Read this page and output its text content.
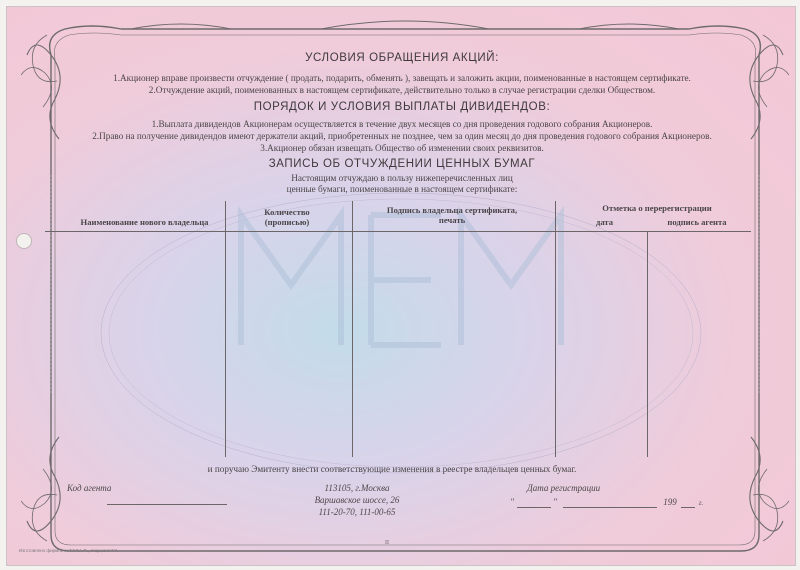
УСЛОВИЯ ОБРАЩЕНИЯ АКЦИЙ:
1.Акционер вправе произвести отчуждение ( продать, подарить, обменять ), завещать и заложить акции, поименованные в настоящем сертификате.
2.Отчуждение акций, поименованных в настоящем сертификате, действительно только в случае регистрации сделки Обществом.
ПОРЯДОК И УСЛОВИЯ ВЫПЛАТЫ ДИВИДЕНДОВ:
1.Выплата дивидендов Акционерам осуществляется в течение двух месяцев со дня проведения годового собрания Акционеров.
2.Право на получение дивидендов имеют держатели акций, приобретенных не позднее, чем за один месяц до дня проведения годового собрания Акционеров.
3.Акционер обязан извещать Общество об изменении своих реквизитов.
ЗАПИСЬ ОБ ОТЧУЖДЕНИИ ЦЕННЫХ БУМАГ
Настоящим отчуждаю в пользу нижеперечисленных лиц
ценные бумаги, поименованные в настоящем сертификате:
Наименование нового владельца
Количество
(прописью)
Подпись владельца сертификата,
печать
Отметка о перерегистрации
дата	подпись агента
и поручаю Эмитенту внести соответствующие изменения в реестре владельцев ценных бумаг.
Код агента	113105, г.Москва
Варшавское шоссе, 26
111-20-70, 111-00-65
Дата регистрации
"	"	199	г.
Изготовлено фирмой Н.Т.Г.Р.А.Ф., лицензия N4.
II
